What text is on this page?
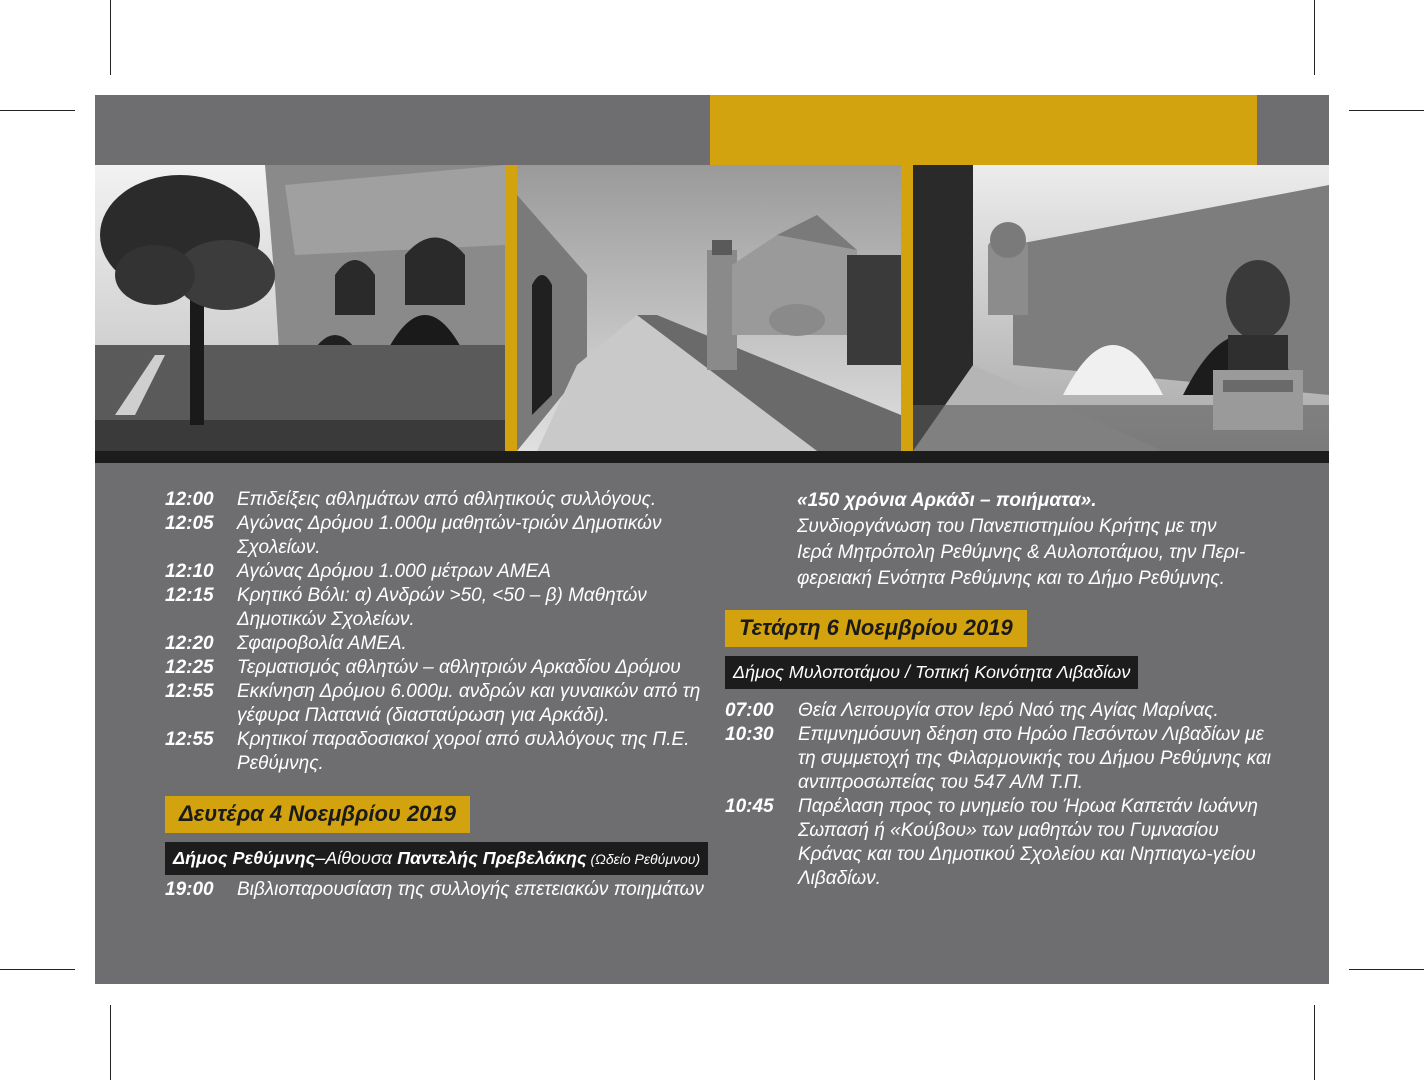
12:00	Επιδείξεις αθλημάτων από αθλητικούς συλλόγους.
12:05	Αγώνας Δρόμου 1.000μ μαθητών-τριών Δημοτικών Σχολείων.
12:10	Αγώνας Δρόμου 1.000 μέτρων ΑΜΕΑ
12:15	Κρητικό Βόλι: α) Ανδρών >50, <50 – β) Μαθητών Δημοτικών Σχολείων.
12:20	Σφαιροβολία ΑΜΕΑ.
12:25	Τερματισμός αθλητών – αθλητριών Αρκαδίου Δρόμου
12:55	Εκκίνηση Δρόμου 6.000μ. ανδρών και γυναικών από τη γέφυρα Πλατανιά (διασταύρωση για Αρκάδι).
12:55	Κρητικοί παραδοσιακοί χοροί από συλλόγους της Π.Ε. Ρεθύμνης.
Δευτέρα 4 Νοεμβρίου 2019
Δήμος Ρεθύμνης–Αίθουσα Παντελής Πρεβελάκης (Ωδείο Ρεθύμνου)
19:00	Βιβλιοπαρουσίαση της συλλογής επετειακών ποιημάτων

«150 χρόνια Αρκάδι – ποιήματα».

Συνδιοργάνωση του Πανεπιστημίου Κρήτης με την

Ιερά Μητρόπολη Ρεθύμνης & Αυλοποτάμου, την Περι-

φερειακή Ενότητα Ρεθύμνης και το Δήμο Ρεθύμνης.

Τετάρτη 6 Νοεμβρίου 2019
Δήμος Μυλοποτάμου / Τοπική Κοινότητα Λιβαδίων
07:00	Θεία Λειτουργία στον Ιερό Ναό της Αγίας Μαρίνας.
10:30	Επιμνημόσυνη δέηση στο Ηρώο Πεσόντων Λιβαδίων με τη συμμετοχή της Φιλαρμονικής του Δήμου Ρεθύμνης και αντιπροσωπείας του 547 Α/Μ Τ.Π.
10:45	Παρέλαση προς το μνημείο του Ήρωα Καπετάν Ιωάννη Σωπασή ή «Κούβου» των μαθητών του Γυμνασίου Κράνας και του Δημοτικού Σχολείου και Νηπιαγω-γείου Λιβαδίων.
